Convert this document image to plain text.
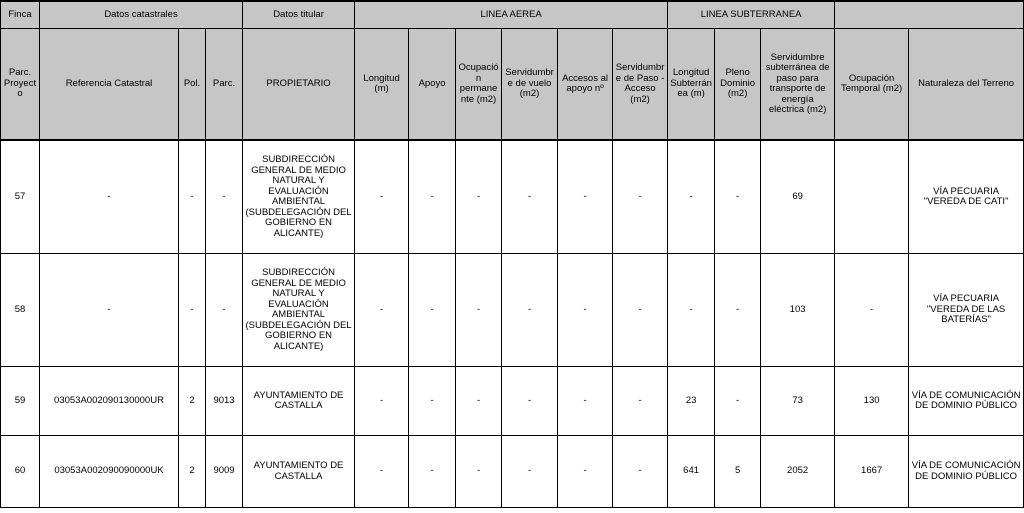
Finca	Datos catastrales			Datos titular	LINEA AEREA						LINEA SUBTERRANEA				
Parc. Proyecto	Referencia Catastral	Pol.	Parc.	PROPIETARIO	Longitud (m)	Apoyo	Ocupación permanente (m2)	Servidumbre de vuelo (m2)	Accesos al apoyo nº	Servidumbre de Paso - Acceso (m2)	Longitud Subterránea (m)	Pleno Dominio (m2)	Servidumbre subterránea de paso para transporte de energía eléctrica (m2)	Ocupación Temporal (m2)	Naturaleza del Terreno
57	-	-	-	SUBDIRECCIÓN GENERAL DE MEDIO NATURAL Y EVALUACIÓN AMBIENTAL (SUBDELEGACIÓN DEL GOBIERNO EN ALICANTE)	-	-	-	-	-	-	-	-	69		VÍA PECUARIA "VEREDA DE CATI"
58	-	-	-	SUBDIRECCIÓN GENERAL DE MEDIO NATURAL Y EVALUACIÓN AMBIENTAL (SUBDELEGACIÓN DEL GOBIERNO EN ALICANTE)	-	-	-	-	-	-	-	-	103	-	VÍA PECUARIA "VEREDA DE LAS BATERÍAS"
59	03053A002090130000UR	2	9013	AYUNTAMIENTO DE CASTALLA	-	-	-	-	-	-	23	-	73	130	VÍA DE COMUNICACIÓN DE DOMINIO PÚBLICO
60	03053A002090090000UK	2	9009	AYUNTAMIENTO DE CASTALLA	-	-	-	-	-	-	641	5	2052	1667	VÍA DE COMUNICACIÓN DE DOMINIO PÚBLICO
